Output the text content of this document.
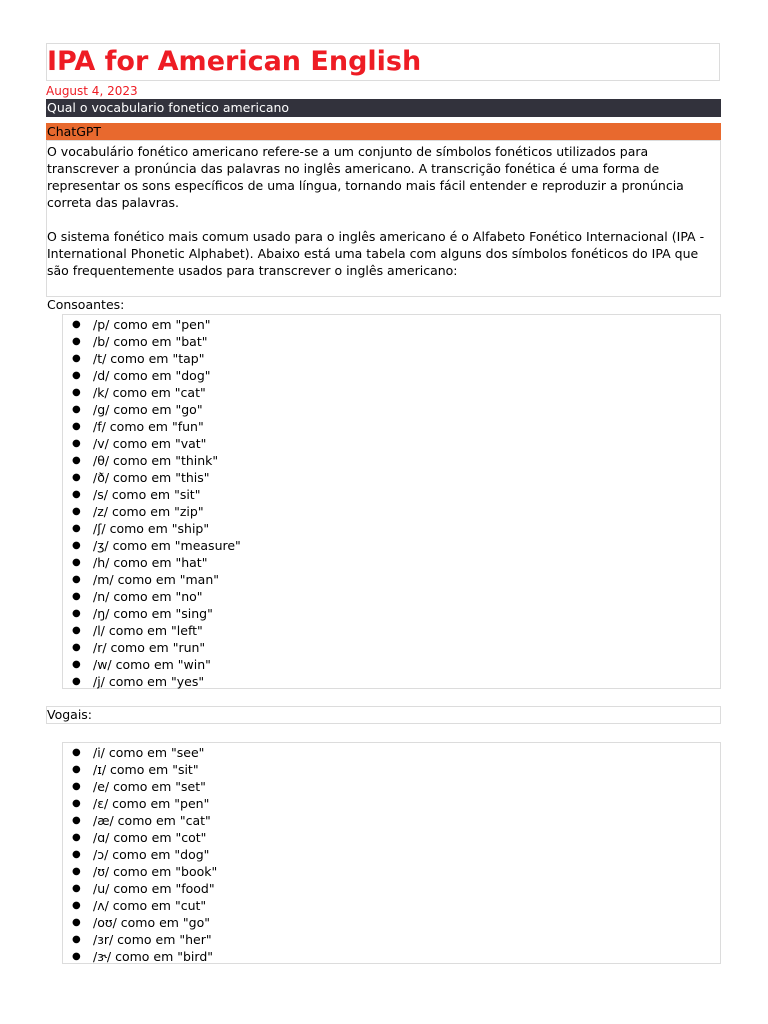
IPA for American English
August 4, 2023
Qual o vocabulario fonetico americano
ChatGPT

O vocabulário fonético americano refere-se a um conjunto de símbolos fonéticos utilizados para transcrever a pronúncia das palavras no inglês americano. A transcrição fonética é uma forma de representar os sons específicos de uma língua, tornando mais fácil entender e reproduzir a pronúncia correta das palavras.

O sistema fonético mais comum usado para o inglês americano é o Alfabeto Fonético Internacional (IPA - International Phonetic Alphabet). Abaixo está uma tabela com alguns dos símbolos fonéticos do IPA que são frequentemente usados para transcrever o inglês americano:

Consoantes:

● /p/ como em "pen"
● /b/ como em "bat"
● /t/ como em "tap"
● /d/ como em "dog"
● /k/ como em "cat"
● /g/ como em "go"
● /f/ como em "fun"
● /v/ como em "vat"
● /θ/ como em "think"
● /ð/ como em "this"
● /s/ como em "sit"
● /z/ como em "zip"
● /ʃ/ como em "ship"
● /ʒ/ como em "measure"
● /h/ como em "hat"
● /m/ como em "man"
● /n/ como em "no"
● /ŋ/ como em "sing"
● /l/ como em "left"
● /r/ como em "run"
● /w/ como em "win"
● /j/ como em "yes"
Vogais:
● /i/ como em "see"
● /ɪ/ como em "sit"
● /e/ como em "set"
● /ɛ/ como em "pen"
● /æ/ como em "cat"
● /ɑ/ como em "cot"
● /ɔ/ como em "dog"
● /ʊ/ como em "book"
● /u/ como em "food"
● /ʌ/ como em "cut"
● /oʊ/ como em "go"
● /ɜr/ como em "her"
● /ɝ/ como em "bird"
